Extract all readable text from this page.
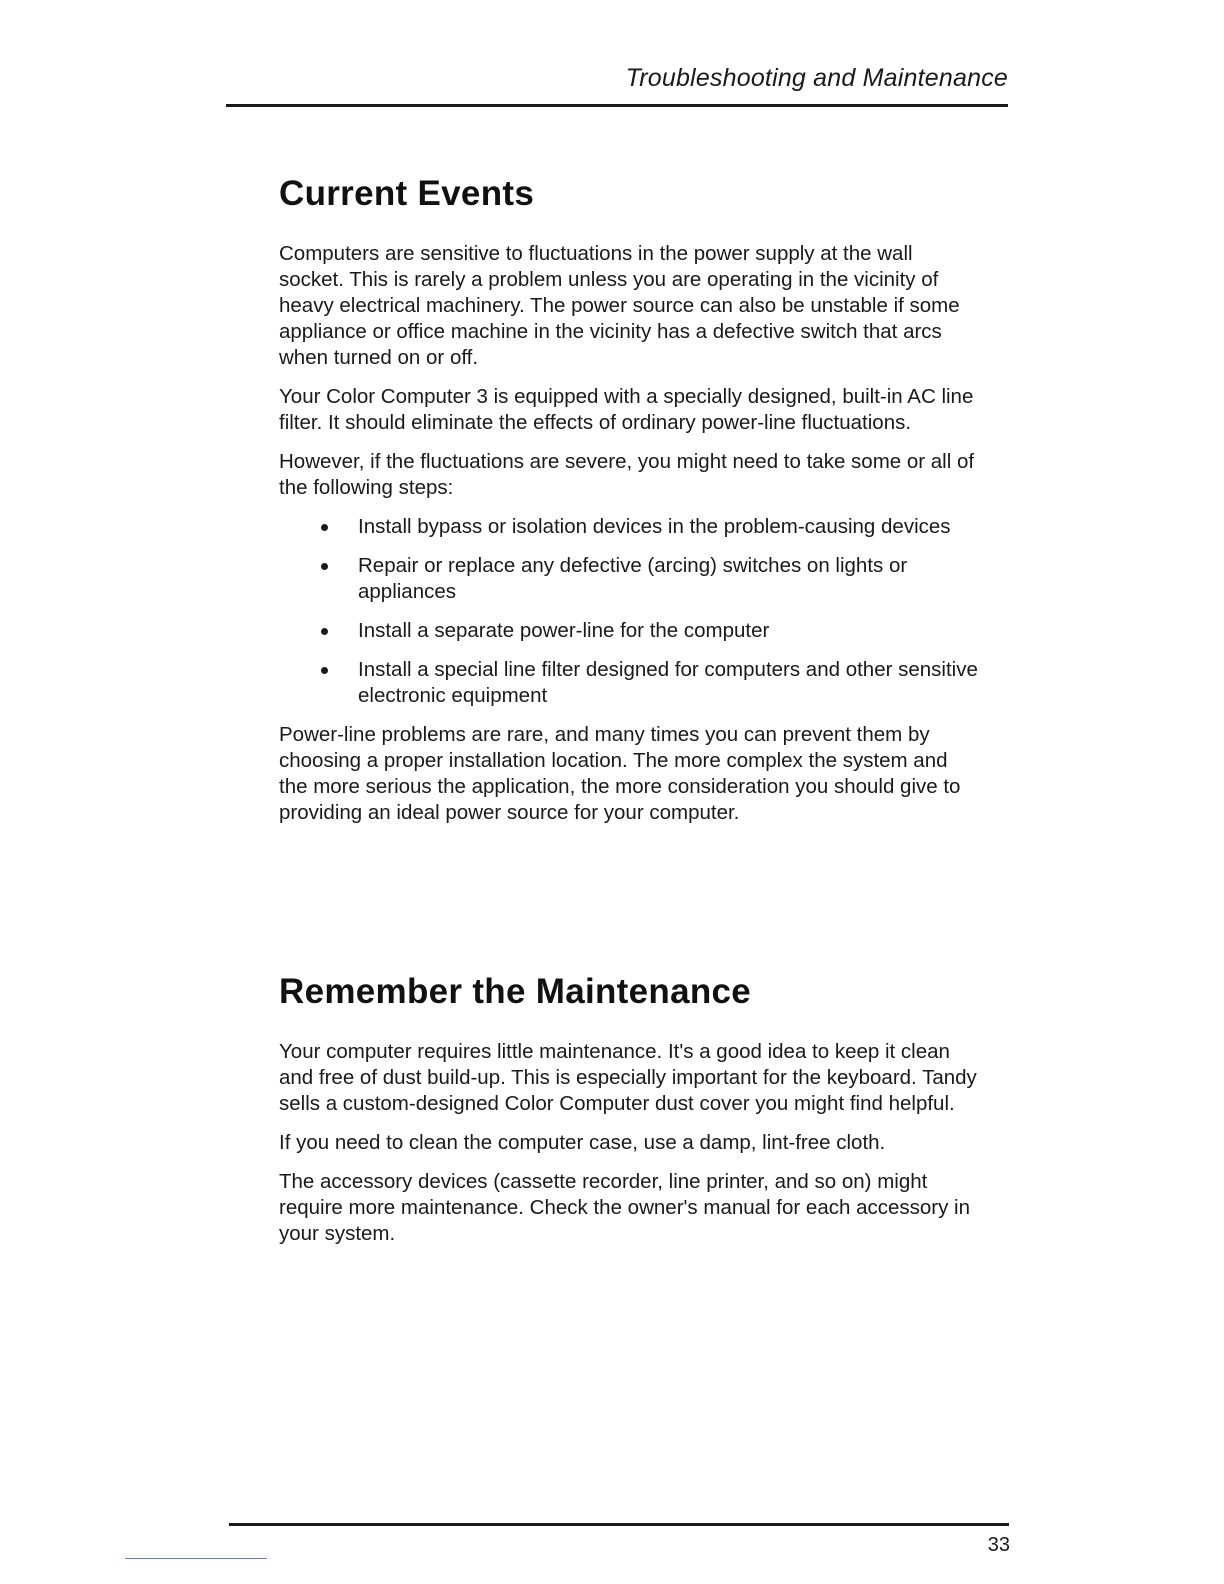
Troubleshooting and Maintenance
Current Events

Computers are sensitive to fluctuations in the power supply at the wall socket. This is rarely a problem unless you are operating in the vicinity of heavy electrical machinery. The power source can also be unstable if some appliance or office machine in the vicinity has a defective switch that arcs when turned on or off.

Your Color Computer 3 is equipped with a specially designed, built-in AC line filter. It should eliminate the effects of ordinary power-line fluctuations.

However, if the fluctuations are severe, you might need to take some or all of the following steps:

Install bypass or isolation devices in the problem-causing devices
Repair or replace any defective (arcing) switches on lights or appliances
Install a separate power-line for the computer
Install a special line filter designed for computers and other sensitive electronic equipment

Power-line problems are rare, and many times you can prevent them by choosing a proper installation location. The more complex the system and the more serious the application, the more consideration you should give to providing an ideal power source for your computer.

Remember the Maintenance

Your computer requires little maintenance. It's a good idea to keep it clean and free of dust build-up. This is especially important for the keyboard. Tandy sells a custom-designed Color Computer dust cover you might find helpful.

If you need to clean the computer case, use a damp, lint-free cloth.

The accessory devices (cassette recorder, line printer, and so on) might require more maintenance. Check the owner's manual for each accessory in your system.

33
